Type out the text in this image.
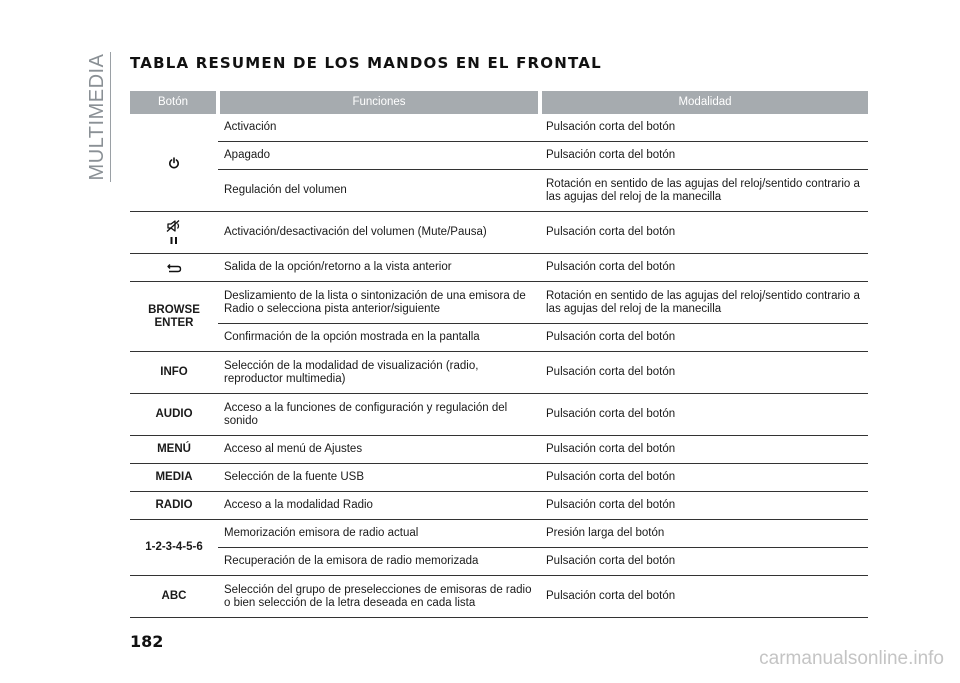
MULTIMEDIA TABLA RESUMEN DE LOS MANDOS EN EL FRONTAL
Botón	Funciones	Modalidad

	Activación	Pulsación corta del botón
	Apagado	Pulsación corta del botón
	Regulación del volumen	Rotación en sentido de las agujas del reloj/sentido contrario a las agujas del reloj de la manecilla

	Activación/desactivación del volumen (Mute/Pausa)	Pulsación corta del botón

	Salida de la opción/retorno a la vista anterior	Pulsación corta del botón
BROWSE ENTER	Deslizamiento de la lista o sintonización de una emisora de Radio o selecciona pista anterior/siguiente	Rotación en sentido de las agujas del reloj/sentido contrario a las agujas del reloj de la manecilla
	Confirmación de la opción mostrada en la pantalla	Pulsación corta del botón
INFO	Selección de la modalidad de visualización (radio, reproductor multimedia)	Pulsación corta del botón
AUDIO	Acceso a la funciones de configuración y regulación del sonido	Pulsación corta del botón
MENÚ	Acceso al menú de Ajustes	Pulsación corta del botón
MEDIA	Selección de la fuente USB	Pulsación corta del botón
RADIO	Acceso a la modalidad Radio	Pulsación corta del botón
1-2-3-4-5-6	Memorización emisora de radio actual	Presión larga del botón
	Recuperación de la emisora de radio memorizada	Pulsación corta del botón
ABC	Selección del grupo de preselecciones de emisoras de radio o bien selección de la letra deseada en cada lista	Pulsación corta del botón

182

carmanualsonline.info
